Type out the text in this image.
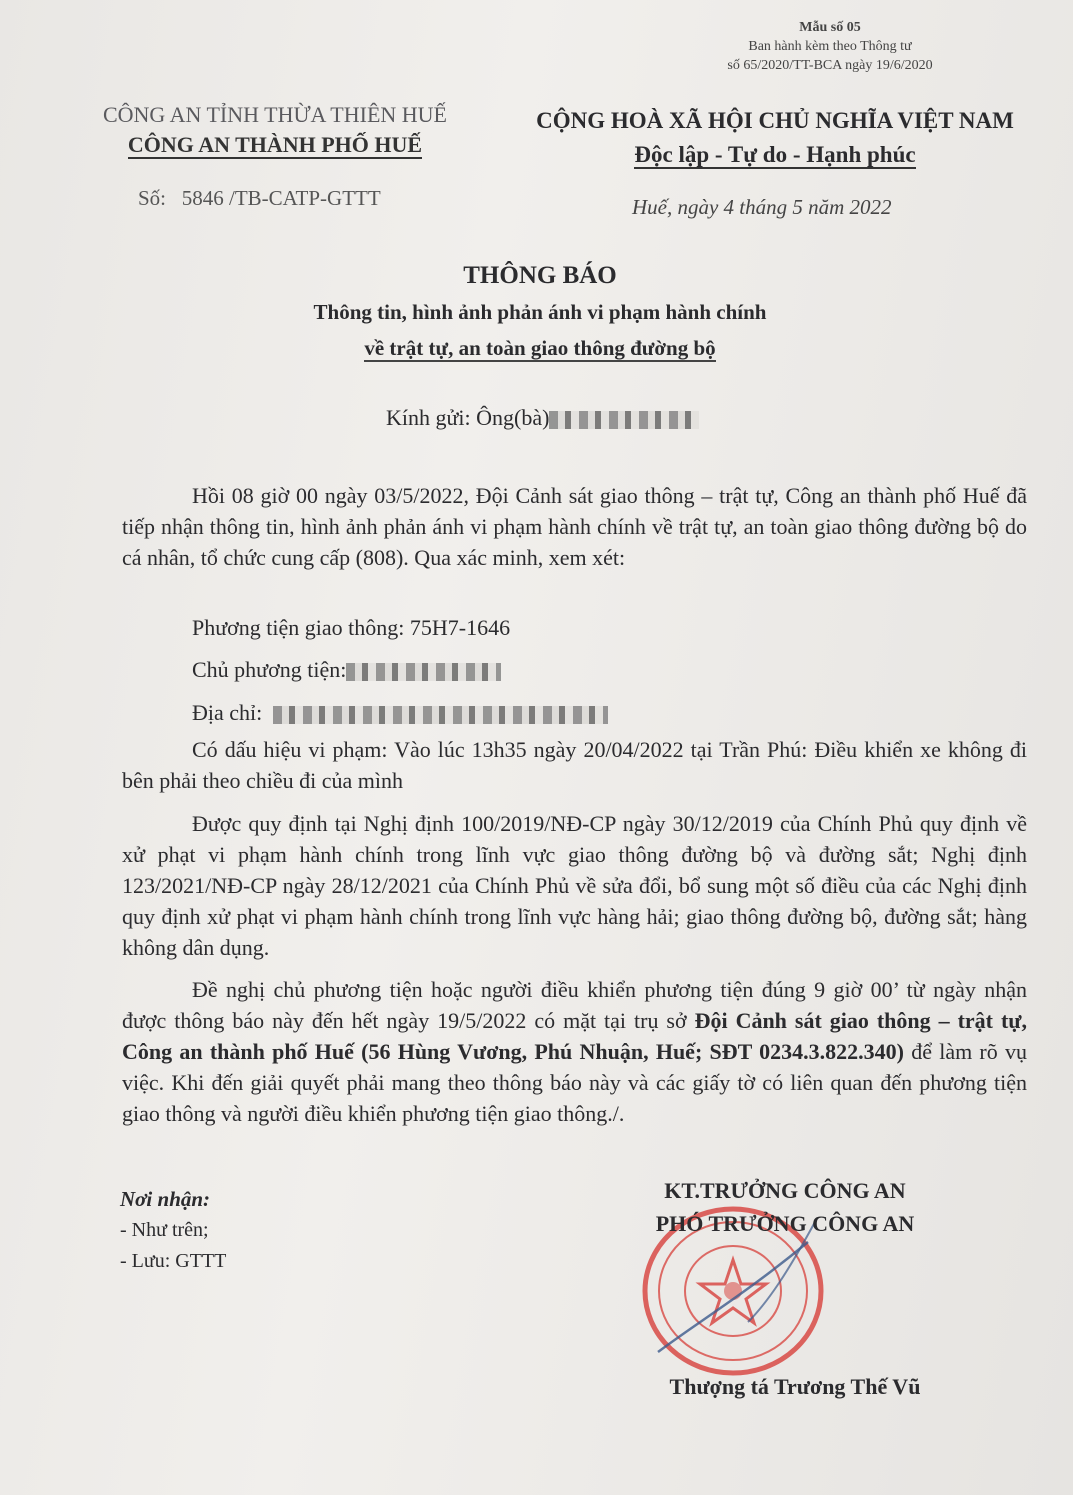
Mẫu số 05
Ban hành kèm theo Thông tư
số 65/2020/TT-BCA ngày 19/6/2020
CÔNG AN TỈNH THỪA THIÊN HUẾ
CÔNG AN THÀNH PHỐ HUẾ
CỘNG HOÀ XÃ HỘI CHỦ NGHĨA VIỆT NAM
Độc lập - Tự do - Hạnh phúc
Số: 5846 /TB-CATP-GTTT	Huế, ngày 4 tháng 5 năm 2022
THÔNG BÁO
Thông tin, hình ảnh phản ánh vi phạm hành chính
về trật tự, an toàn giao thông đường bộ
Kính gửi: Ông(bà)

Hồi 08 giờ 00 ngày 03/5/2022, Đội Cảnh sát giao thông – trật tự, Công an thành phố Huế đã tiếp nhận thông tin, hình ảnh phản ánh vi phạm hành chính về trật tự, an toàn giao thông đường bộ do cá nhân, tổ chức cung cấp (808). Qua xác minh, xem xét:

Phương tiện giao thông: 75H7-1646
Chủ phương tiện:
Địa chỉ:

Có dấu hiệu vi phạm: Vào lúc 13h35 ngày 20/04/2022 tại Trần Phú: Điều khiển xe không đi bên phải theo chiều đi của mình

Được quy định tại Nghị định 100/2019/NĐ-CP ngày 30/12/2019 của Chính Phủ quy định về xử phạt vi phạm hành chính trong lĩnh vực giao thông đường bộ và đường sắt; Nghị định 123/2021/NĐ-CP ngày 28/12/2021 của Chính Phủ về sửa đổi, bổ sung một số điều của các Nghị định quy định xử phạt vi phạm hành chính trong lĩnh vực hàng hải; giao thông đường bộ, đường sắt; hàng không dân dụng.

Đề nghị chủ phương tiện hoặc người điều khiển phương tiện đúng 9 giờ 00’ từ ngày nhận được thông báo này đến hết ngày 19/5/2022 có mặt tại trụ sở Đội Cảnh sát giao thông – trật tự, Công an thành phố Huế (56 Hùng Vương, Phú Nhuận, Huế; SĐT 0234.3.822.340) để làm rõ vụ việc. Khi đến giải quyết phải mang theo thông báo này và các giấy tờ có liên quan đến phương tiện giao thông và người điều khiển phương tiện giao thông./.

Nơi nhận:
- Như trên;
- Lưu: GTTT
KT.TRƯỞNG CÔNG AN
PHÓ TRƯỞNG CÔNG AN
Thượng tá Trương Thế Vũ
